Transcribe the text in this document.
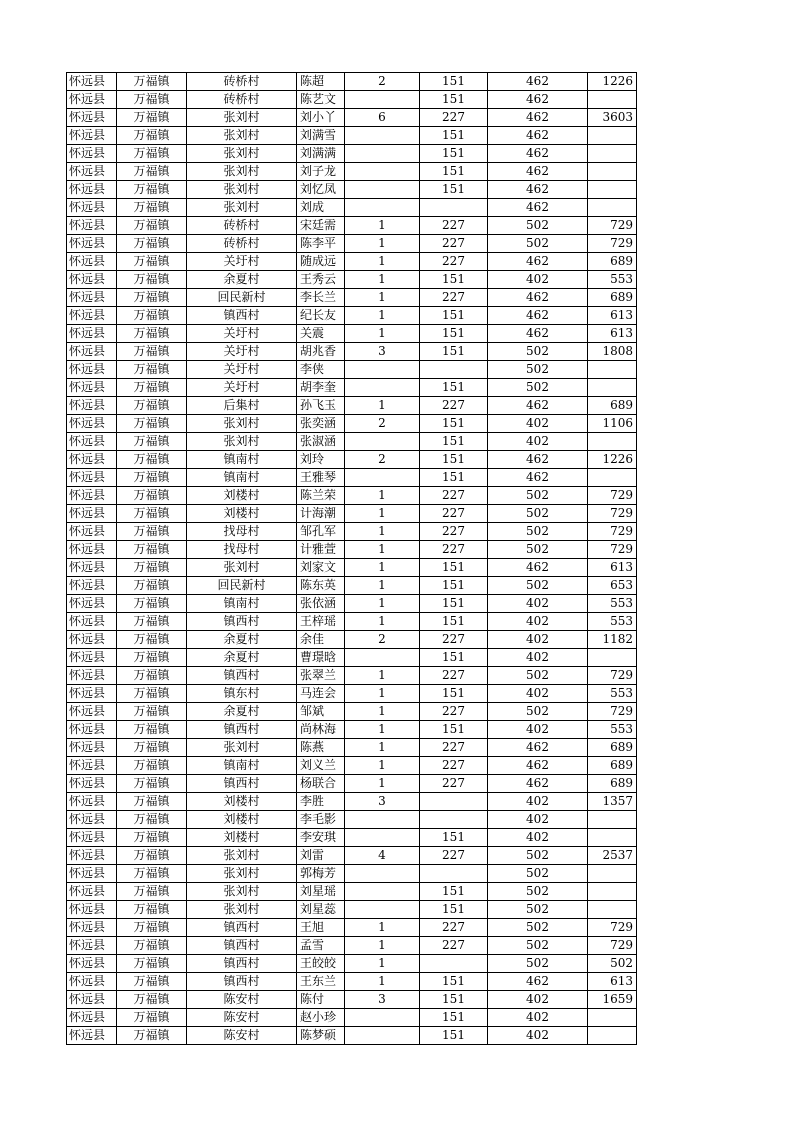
怀远县	万福镇	砖桥村	陈超	2	151	462	1226
怀远县	万福镇	砖桥村	陈艺文		151	462	
怀远县	万福镇	张刘村	刘小丫	6	227	462	3603
怀远县	万福镇	张刘村	刘满雪		151	462	
怀远县	万福镇	张刘村	刘满满		151	462	
怀远县	万福镇	张刘村	刘子龙		151	462	
怀远县	万福镇	张刘村	刘忆凤		151	462	
怀远县	万福镇	张刘村	刘成			462	
怀远县	万福镇	砖桥村	宋廷需	1	227	502	729
怀远县	万福镇	砖桥村	陈李平	1	227	502	729
怀远县	万福镇	关圩村	随成远	1	227	462	689
怀远县	万福镇	余夏村	王秀云	1	151	402	553
怀远县	万福镇	回民新村	李长兰	1	227	462	689
怀远县	万福镇	镇西村	纪长友	1	151	462	613
怀远县	万福镇	关圩村	关震	1	151	462	613
怀远县	万福镇	关圩村	胡兆香	3	151	502	1808
怀远县	万福镇	关圩村	李侠			502	
怀远县	万福镇	关圩村	胡李奎		151	502	
怀远县	万福镇	后集村	孙飞玉	1	227	462	689
怀远县	万福镇	张刘村	张奕涵	2	151	402	1106
怀远县	万福镇	张刘村	张淑涵		151	402	
怀远县	万福镇	镇南村	刘玲	2	151	462	1226
怀远县	万福镇	镇南村	王雅琴		151	462	
怀远县	万福镇	刘楼村	陈兰荣	1	227	502	729
怀远县	万福镇	刘楼村	计海潮	1	227	502	729
怀远县	万福镇	找母村	邹孔军	1	227	502	729
怀远县	万福镇	找母村	计雅萱	1	227	502	729
怀远县	万福镇	张刘村	刘家文	1	151	462	613
怀远县	万福镇	回民新村	陈东英	1	151	502	653
怀远县	万福镇	镇南村	张依涵	1	151	402	553
怀远县	万福镇	镇西村	王梓瑶	1	151	402	553
怀远县	万福镇	余夏村	余佳	2	227	402	1182
怀远县	万福镇	余夏村	曹璟晗		151	402	
怀远县	万福镇	镇西村	张翠兰	1	227	502	729
怀远县	万福镇	镇东村	马连会	1	151	402	553
怀远县	万福镇	余夏村	邹斌	1	227	502	729
怀远县	万福镇	镇西村	尚林海	1	151	402	553
怀远县	万福镇	张刘村	陈燕	1	227	462	689
怀远县	万福镇	镇南村	刘义兰	1	227	462	689
怀远县	万福镇	镇西村	杨联合	1	227	462	689
怀远县	万福镇	刘楼村	李胜	3		402	1357
怀远县	万福镇	刘楼村	李毛影			402	
怀远县	万福镇	刘楼村	李安琪		151	402	
怀远县	万福镇	张刘村	刘雷	4	227	502	2537
怀远县	万福镇	张刘村	郭梅芳			502	
怀远县	万福镇	张刘村	刘星瑶		151	502	
怀远县	万福镇	张刘村	刘星蕊		151	502	
怀远县	万福镇	镇西村	王旭	1	227	502	729
怀远县	万福镇	镇西村	孟雪	1	227	502	729
怀远县	万福镇	镇西村	王皎皎	1		502	502
怀远县	万福镇	镇西村	王东兰	1	151	462	613
怀远县	万福镇	陈安村	陈付	3	151	402	1659
怀远县	万福镇	陈安村	赵小珍		151	402	
怀远县	万福镇	陈安村	陈梦硕		151	402	
